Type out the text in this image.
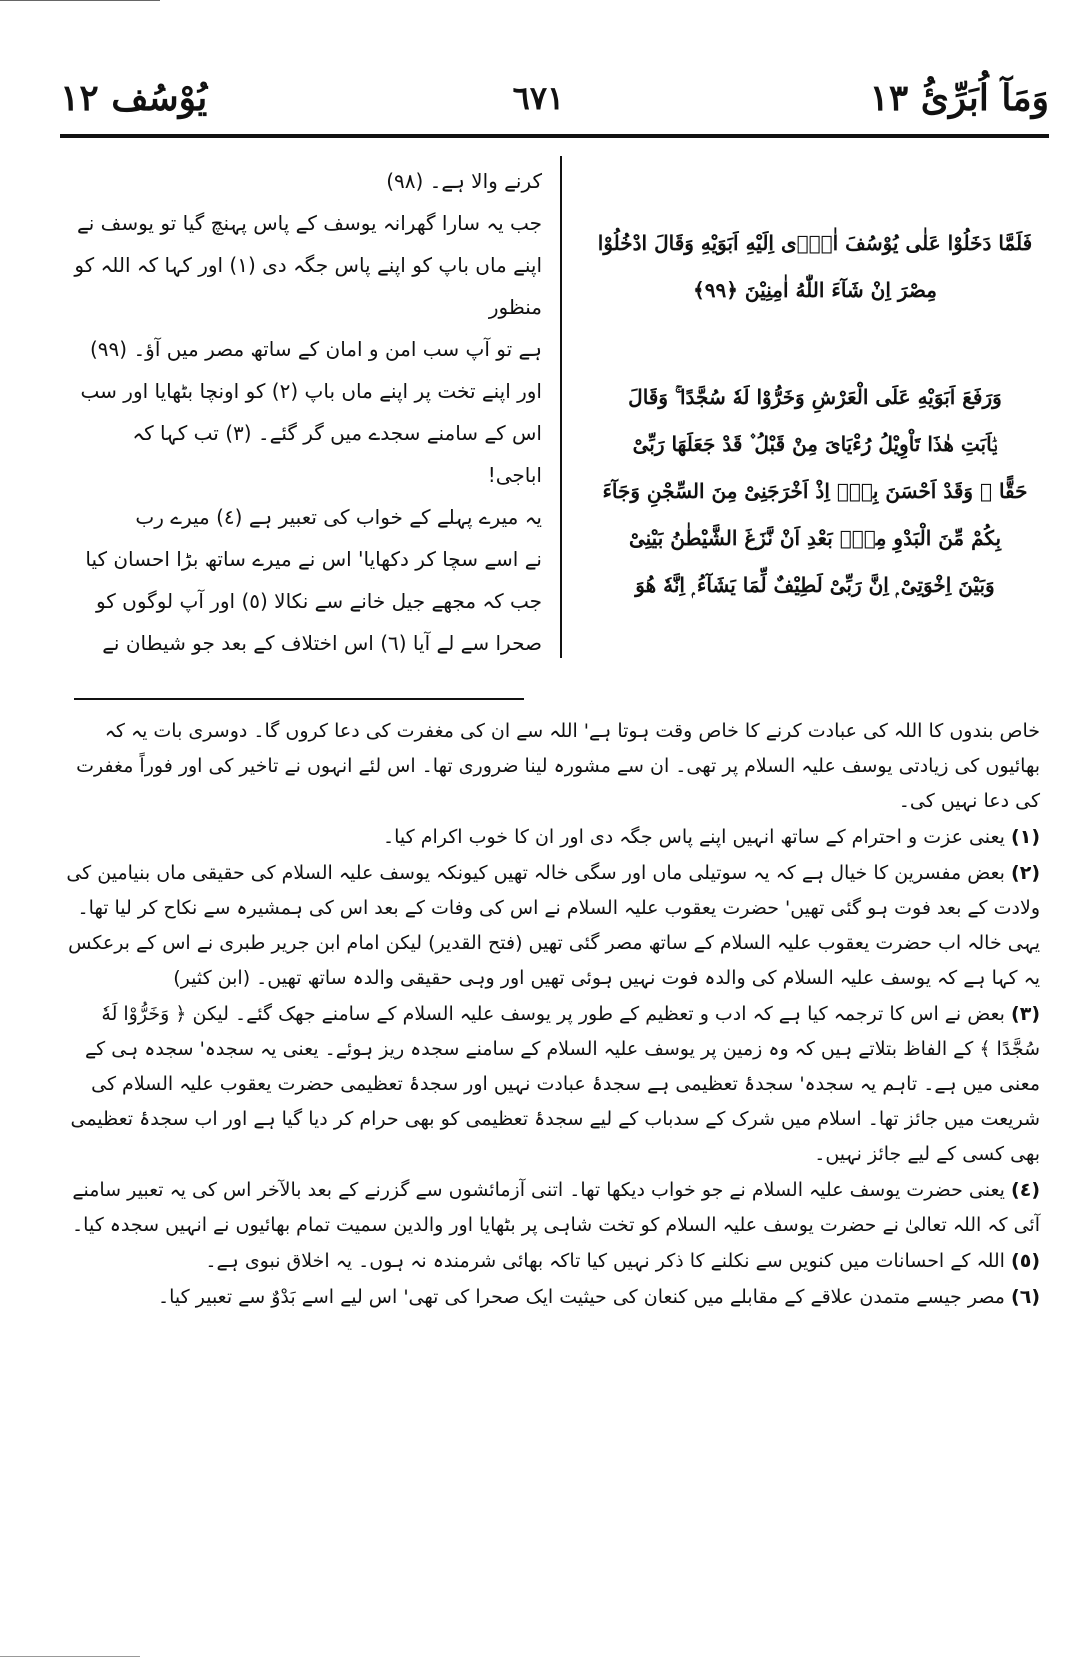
يُوْسُف ١٢	٦٧١	وَمَآ اُبَرِّئُ ١٣
کرنے والا ہے۔ (٩٨)
جب یہ سارا گھرانہ یوسف کے پاس پہنچ گیا تو یوسف نے
اپنے ماں باپ کو اپنے پاس جگہ دی (١) اور کہا کہ اللہ کو منظور
ہے تو آپ سب امن و امان کے ساتھ مصر میں آؤ۔ (٩٩)
اور اپنے تخت پر اپنے ماں باپ (٢) کو اونچا بٹھایا اور سب
اس کے سامنے سجدے میں گر گئے۔ (٣) تب کہا کہ اباجی!
یہ میرے پہلے کے خواب کی تعبیر ہے (٤) میرے رب
نے اسے سچا کر دکھایا' اس نے میرے ساتھ بڑا احسان کیا
جب کہ مجھے جیل خانے سے نکالا (٥) اور آپ لوگوں کو
صحرا سے لے آیا (٦) اس اختلاف کے بعد جو شیطان نے
فَلَمَّا دَخَلُوْا عَلٰی یُوْسُفَ اٰوٰۤی اِلَیْهِ اَبَوَیْهِ وَقَالَ ادْخُلُوْا
مِصْرَ اِنْ شَآءَ اللّٰهُ اٰمِنِیْنَ ﴿٩٩﴾
وَرَفَعَ اَبَوَیْهِ عَلَی الْعَرْشِ وَخَرُّوْا لَهٗ سُجَّدًا ۚ وَقَالَ
یٰۤاَبَتِ هٰذَا تَاْوِیْلُ رُءْیَایَ مِنْ قَبْلُ ۫ قَدْ جَعَلَهَا رَبِّیْ
حَقًّا ۭ وَقَدْ اَحْسَنَ بِیْۤ اِذْ اَخْرَجَنِیْ مِنَ السِّجْنِ وَجَآءَ
بِكُمْ مِّنَ الْبَدْوِ مِنْۢ بَعْدِ اَنْ نَّزَغَ الشَّیْطٰنُ بَیْنِیْ
وَبَیْنَ اِخْوَتِیْ ۭ اِنَّ رَبِّیْ لَطِیْفٌ لِّمَا یَشَآءُ ۭ اِنَّهٗ هُوَ

خاص بندوں کا اللہ کی عبادت کرنے کا خاص وقت ہوتا ہے' اللہ سے ان کی مغفرت کی دعا کروں گا۔ دوسری بات یہ کہ بھائیوں کی زیادتی یوسف علیہ السلام پر تھی۔ ان سے مشورہ لینا ضروری تھا۔ اس لئے انہوں نے تاخیر کی اور فوراً مغفرت کی دعا نہیں کی۔

(١) یعنی عزت و احترام کے ساتھ انہیں اپنے پاس جگہ دی اور ان کا خوب اکرام کیا۔

(٢) بعض مفسرین کا خیال ہے کہ یہ سوتیلی ماں اور سگی خالہ تھیں کیونکہ یوسف علیہ السلام کی حقیقی ماں بنیامین کی ولادت کے بعد فوت ہو گئی تھیں' حضرت یعقوب علیہ السلام نے اس کی وفات کے بعد اس کی ہمشیرہ سے نکاح کر لیا تھا۔ یہی خالہ اب حضرت یعقوب علیہ السلام کے ساتھ مصر گئی تھیں (فتح القدیر) لیکن امام ابن جریر طبری نے اس کے برعکس یہ کہا ہے کہ یوسف علیہ السلام کی والدہ فوت نہیں ہوئی تھیں اور وہی حقیقی والدہ ساتھ تھیں۔ (ابن کثیر)

(٣) بعض نے اس کا ترجمہ کیا ہے کہ ادب و تعظیم کے طور پر یوسف علیہ السلام کے سامنے جھک گئے۔ لیکن ﴿ وَخَرُّوْا لَهٗ سُجَّدًا ﴾ کے الفاظ بتلاتے ہیں کہ وہ زمین پر یوسف علیہ السلام کے سامنے سجدہ ریز ہوئے۔ یعنی یہ سجدہ' سجدہ ہی کے معنی میں ہے۔ تاہم یہ سجدہ' سجدۂ تعظیمی ہے سجدۂ عبادت نہیں اور سجدۂ تعظیمی حضرت یعقوب علیہ السلام کی شریعت میں جائز تھا۔ اسلام میں شرک کے سدباب کے لیے سجدۂ تعظیمی کو بھی حرام کر دیا گیا ہے اور اب سجدۂ تعظیمی بھی کسی کے لیے جائز نہیں۔

(٤) یعنی حضرت یوسف علیہ السلام نے جو خواب دیکھا تھا۔ اتنی آزمائشوں سے گزرنے کے بعد بالآخر اس کی یہ تعبیر سامنے آئی کہ اللہ تعالیٰ نے حضرت یوسف علیہ السلام کو تخت شاہی پر بٹھایا اور والدین سمیت تمام بھائیوں نے انہیں سجدہ کیا۔

(٥) اللہ کے احسانات میں کنویں سے نکلنے کا ذکر نہیں کیا تاکہ بھائی شرمندہ نہ ہوں۔ یہ اخلاق نبوی ہے۔

(٦) مصر جیسے متمدن علاقے کے مقابلے میں کنعان کی حیثیت ایک صحرا کی تھی' اس لیے اسے بَدْوٌ سے تعبیر کیا۔
